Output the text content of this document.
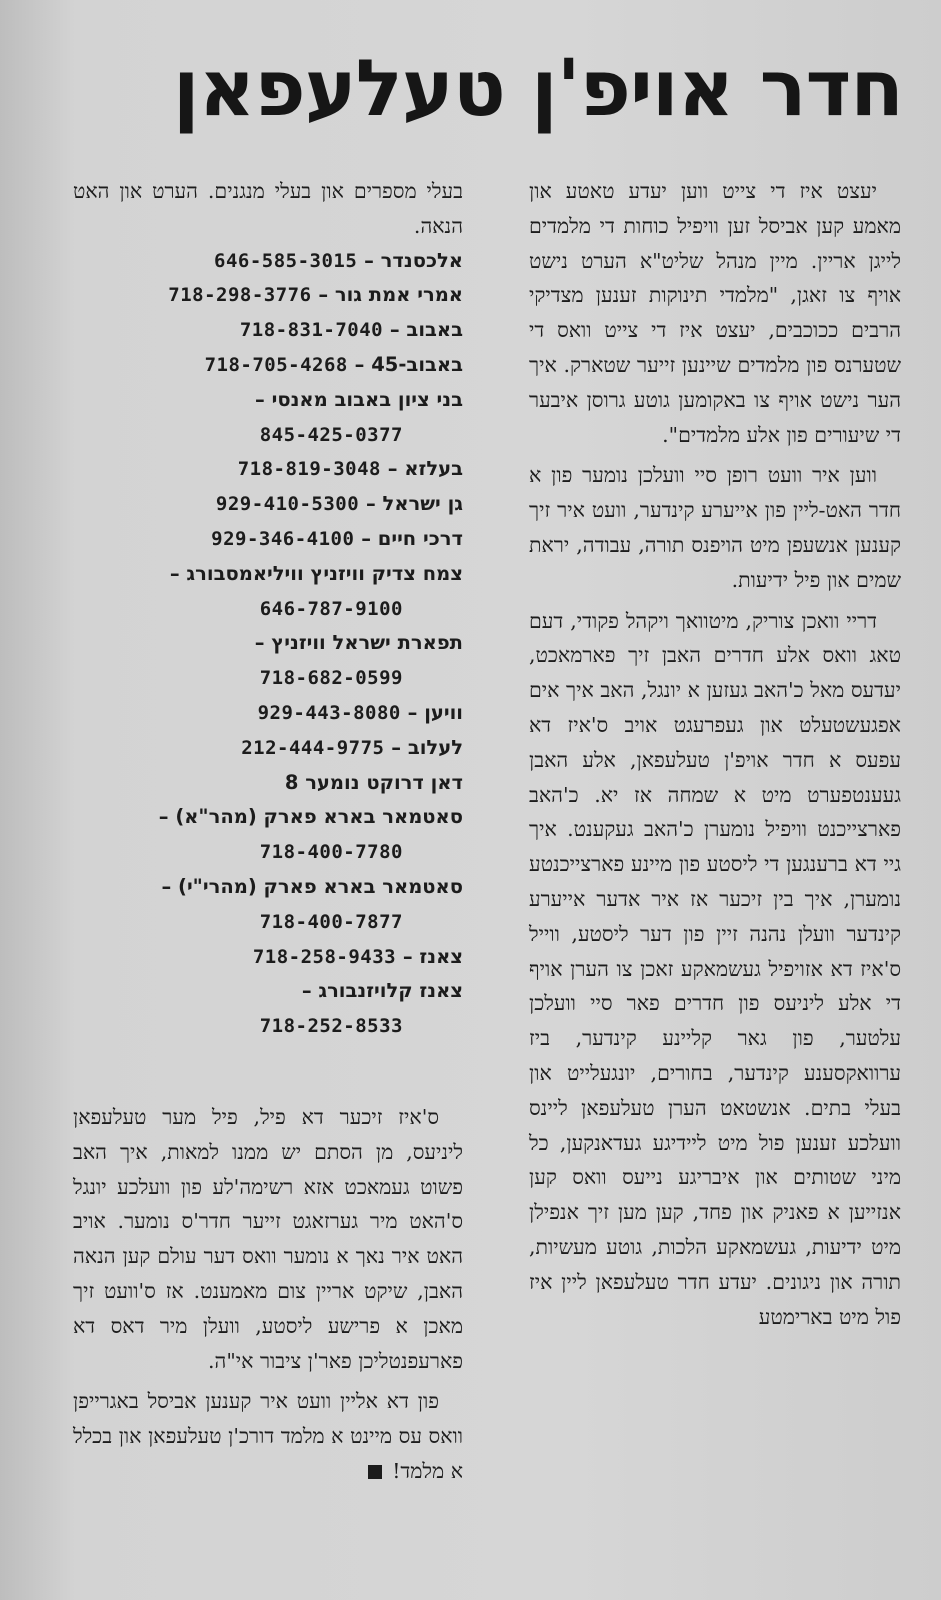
חדר אויפ'ן טעלעפאן

יעצט איז די צייט ווען יעדע טאטע און מאמע קען אביסל זען וויפיל כוחות די מלמדים לייגן אריין. מיין מנהל שליט"א הערט נישט אויף צו זאגן, "מלמדי תינוקות זענען מצדיקי הרבים ככוכבים, יעצט איז די צייט וואס די שטערנס פון מלמדים שיינען זייער שטארק. איך הער נישט אויף צו באקומען גוטע גרוסן איבער די שיעורים פון אלע מלמדים".

ווען איר וועט רופן סיי וועלכן נומער פון א חדר האט-ליין פון אייערע קינדער, וועט איר זיך קענען אנשעפן מיט הויפנס תורה, עבודה, יראת שמים און פיל ידיעות.

דריי וואכן צוריק, מיטוואך ויקהל פקודי, דעם טאג וואס אלע חדרים האבן זיך פארמאכט, יעדעס מאל כ'האב געזען א יונגל, האב איך אים אפגעשטעלט און געפרעגט אויב ס'איז דא עפעס א חדר אויפ'ן טעלעפאן, אלע האבן געענטפערט מיט א שמחה אז יא. כ'האב פארצייכנט וויפיל נומערן כ'האב געקענט. איך גיי דא ברענגען די ליסטע פון מיינע פארצייכנטע נומערן, איך בין זיכער אז איר אדער אייערע קינדער וועלן נהנה זיין פון דער ליסטע, ווייל ס'איז דא אזויפיל געשמאקע זאכן צו הערן אויף די אלע ליניעס פון חדרים פאר סיי וועלכן עלטער, פון גאר קליינע קינדער, ביז ערוואקסענע קינדער, בחורים, יונגעלייט און בעלי בתים. אנשטאט הערן טעלעפאן ליינס וועלכע זענען פול מיט ליידיגע געדאנקען, כל מיני שטותים און איבריגע נייעס וואס קען אנזייען א פאניק און פחד, קען מען זיך אנפילן מיט ידיעות, געשמאקע הלכות, גוטע מעשיות, תורה און ניגונים. יעדע חדר טעלעפאן ליין איז פול מיט בארימטע

בעלי מספרים און בעלי מנגנים. הערט און האט הנאה.

אלכסנדר – 646-585-3015
אמרי אמת גור – 718-298-3776
באבוב – 718-831-7040
באבוב-45 – 718-705-4268
בני ציון באבוב מאנסי –
845-425-0377
בעלזא – 718-819-3048
גן ישראל – 929-410-5300
דרכי חיים – 929-346-4100
צמח צדיק וויזניץ וויליאמסבורג –
646-787-9100
תפארת ישראל וויזניץ –
718-682-0599
וויען – 929-443-8080
לעלוב – 212-444-9775
דאן דרוקט נומער 8
סאטמאר בארא פארק (מהר"א) –
718-400-7780
סאטמאר בארא פארק (מהרי"י) –
718-400-7877
צאנז – 718-258-9433
צאנז קלויזנבורג –
718-252-8533

ס'איז זיכער דא פיל, פיל מער טעלעפאן ליניעס, מן הסתם יש ממנו למאות, איך האב פשוט געמאכט אזא רשימה'לע פון וועלכע יונגל ס'האט מיר גערזאגט זייער חדר'ס נומער. אויב האט איר נאך א נומער וואס דער עולם קען הנאה האבן, שיקט אריין צום מאמענט. אז ס'וועט זיך מאכן א פרישע ליסטע, וועלן מיר דאס דא פארעפנטליכן פאר'ן ציבור אי"ה.

פון דא אליין וועט איר קענען אביסל באגרייפן וואס עס מיינט א מלמד דורכ'ן טעלעפאן און בכלל א מלמד!
